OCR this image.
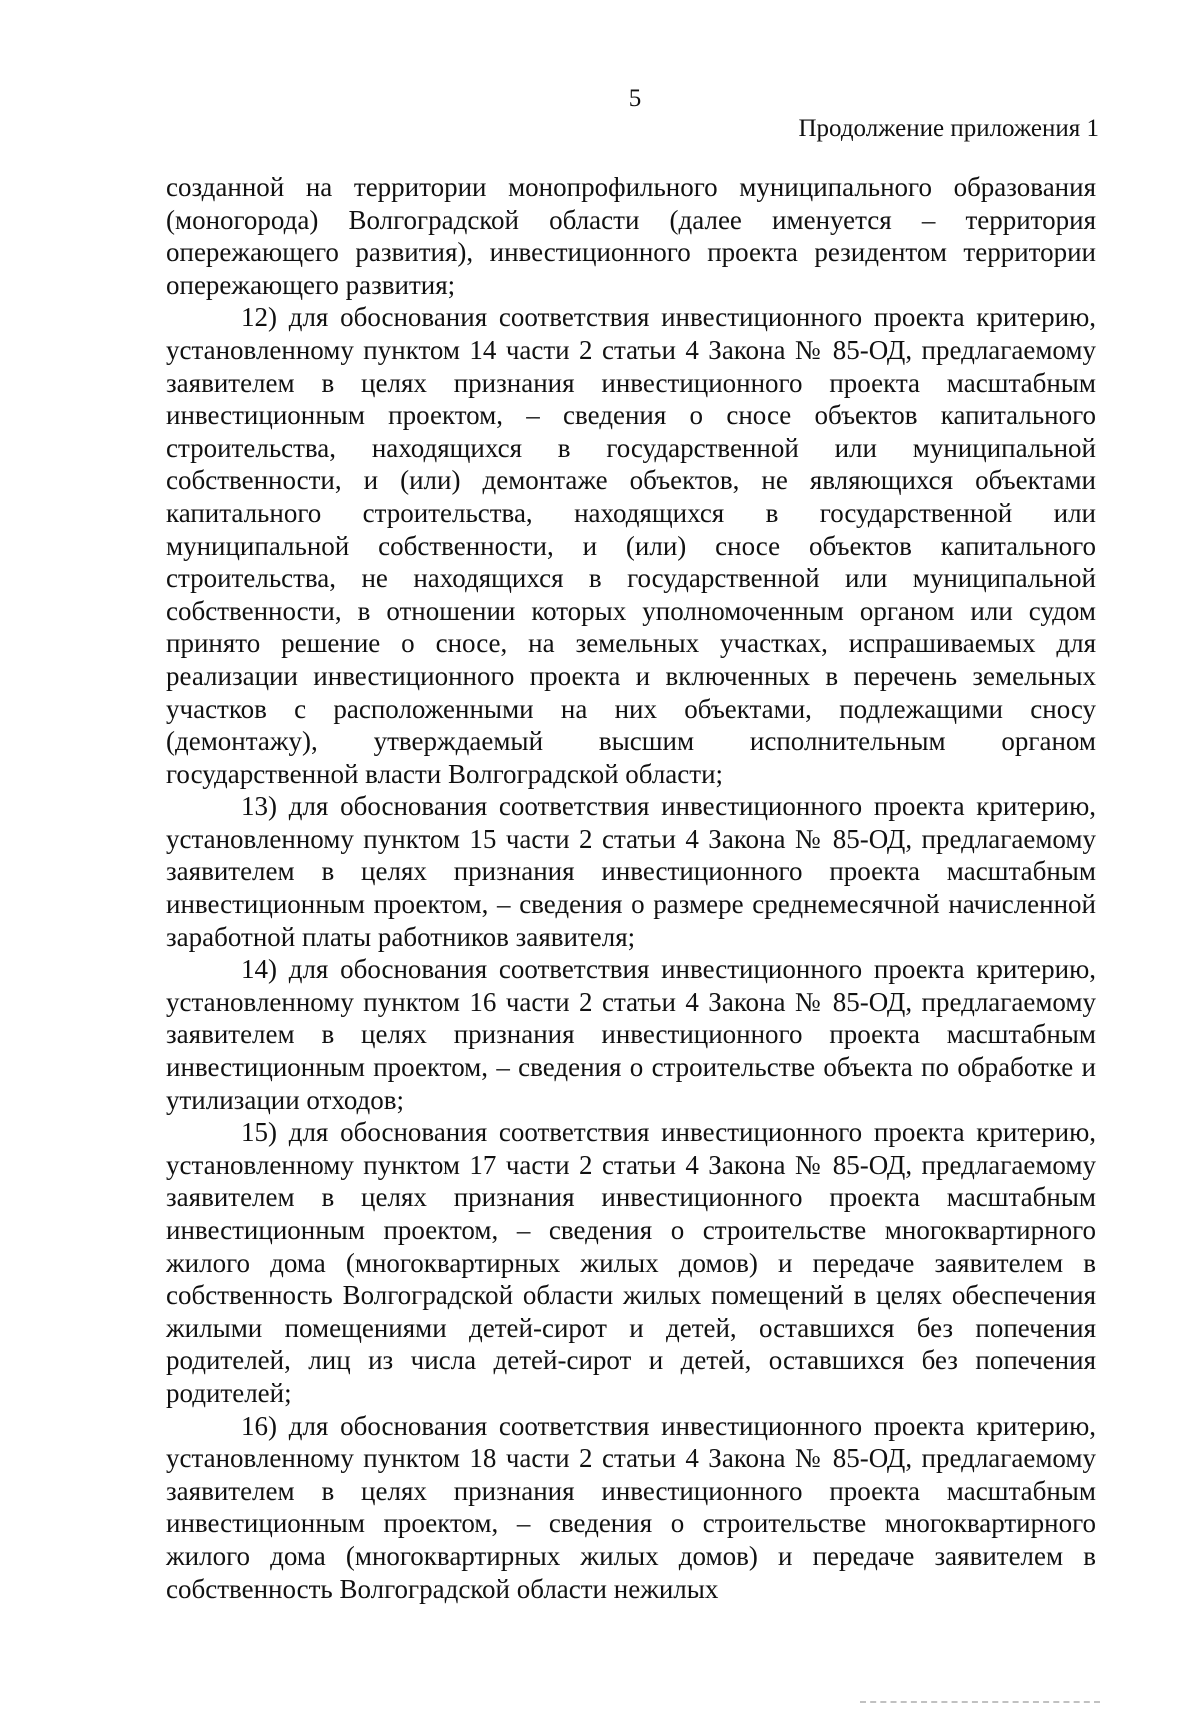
5
Продолжение приложения 1

созданной на территории монопрофильного муниципального образования (моногорода) Волгоградской области (далее именуется – территория опережающего развития), инвестиционного проекта резидентом территории опережающего развития;

12) для обоснования соответствия инвестиционного проекта критерию, установленному пунктом 14 части 2 статьи 4 Закона № 85-ОД, предлагаемому заявителем в целях признания инвестиционного проекта масштабным инвестиционным проектом, – сведения о сносе объектов капитального строительства, находящихся в государственной или муниципальной собственности, и (или) демонтаже объектов, не являющихся объектами капитального строительства, находящихся в государственной или муниципальной собственности, и (или) сносе объектов капитального строительства, не находящихся в государственной или муниципальной собственности, в отношении которых уполномоченным органом или судом принято решение о сносе, на земельных участках, испрашиваемых для реализации инвестиционного проекта и включенных в перечень земельных участков с расположенными на них объектами, подлежащими сносу (демонтажу), утверждаемый высшим исполнительным органом государственной власти Волгоградской области;

13) для обоснования соответствия инвестиционного проекта критерию, установленному пунктом 15 части 2 статьи 4 Закона № 85-ОД, предлагаемому заявителем в целях признания инвестиционного проекта масштабным инвестиционным проектом, – сведения о размере среднемесячной начисленной заработной платы работников заявителя;

14) для обоснования соответствия инвестиционного проекта критерию, установленному пунктом 16 части 2 статьи 4 Закона № 85-ОД, предлагаемому заявителем в целях признания инвестиционного проекта масштабным инвестиционным проектом, – сведения о строительстве объекта по обработке и утилизации отходов;

15) для обоснования соответствия инвестиционного проекта критерию, установленному пунктом 17 части 2 статьи 4 Закона № 85-ОД, предлагаемому заявителем в целях признания инвестиционного проекта масштабным инвестиционным проектом, – сведения о строительстве многоквартирного жилого дома (многоквартирных жилых домов) и передаче заявителем в собственность Волгоградской области жилых помещений в целях обеспечения жилыми помещениями детей-сирот и детей, оставшихся без попечения родителей, лиц из числа детей-сирот и детей, оставшихся без попечения родителей;

16) для обоснования соответствия инвестиционного проекта критерию, установленному пунктом 18 части 2 статьи 4 Закона № 85-ОД, предлагаемому заявителем в целях признания инвестиционного проекта масштабным инвестиционным проектом, – сведения о строительстве многоквартирного жилого дома (многоквартирных жилых домов) и передаче заявителем в собственность Волгоградской области нежилых
